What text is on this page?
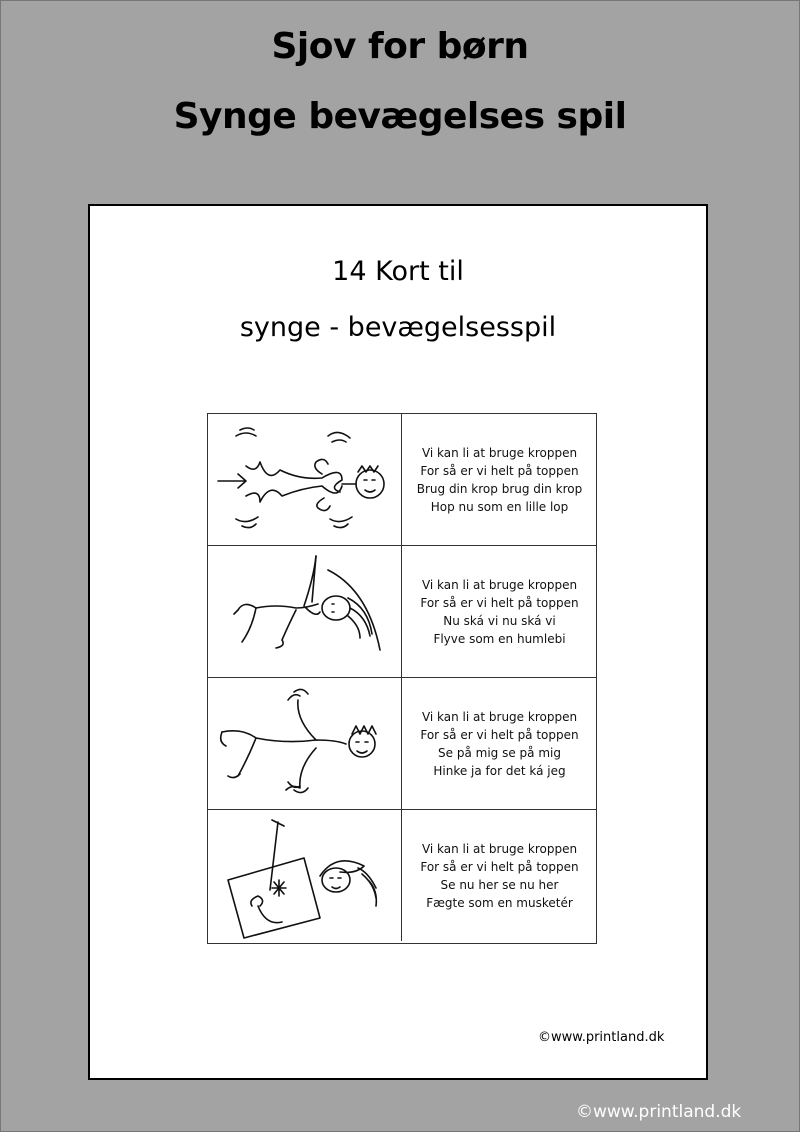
Sjov for børn
Synge bevægelses spil
14 Kort til
synge - bevægelsesspil
Vi kan li at bruge kroppen
For så er vi helt på toppen
Brug din krop brug din krop
Hop nu som en lille lop
Vi kan li at bruge kroppen
For så er vi helt på toppen
Nu ská vi nu ská vi
Flyve som en humlebi
Vi kan li at bruge kroppen
For så er vi helt på toppen
Se på mig se på mig
Hinke ja for det ká jeg
Vi kan li at bruge kroppen
For så er vi helt på toppen
Se nu her se nu her
Fægte som en musketér
©www.printland.dk
©www.printland.dk
